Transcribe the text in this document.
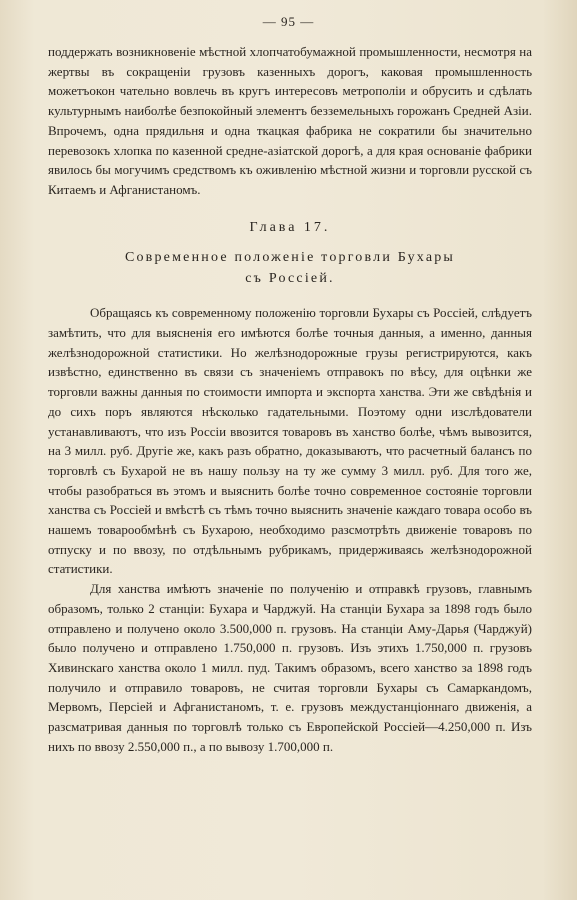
— 95 —

поддержать возникновеніе мѣстной хлопчатобумажной промышленности, несмотря на жертвы въ сокращеніи грузовъ казенныхъ дорогъ, каковая промышленность можетъокон чательно вовлечь въ кругъ интересовъ метрополіи и обрусить и сдѣлать культурнымъ наиболѣе безпокойный элементъ безземельныхъ горожанъ Средней Азіи. Впрочемъ, одна прядильня и одна ткацкая фабрика не сократили бы значительно перевозокъ хлопка по казенной средне-азіатской дорогѣ, а для края основаніе фабрики явилось бы могучимъ средствомъ къ оживленію мѣстной жизни и торговли русской съ Китаемъ и Афганистаномъ.

Глава 17.
Современное положеніе торговли Бухары
съ Россіей.

Обращаясь къ современному положенію торговли Бухары съ Россіей, слѣдуетъ замѣтить, что для выясненія его имѣются болѣе точныя данныя, а именно, данныя желѣзнодорожной статистики. Но желѣзнодорожные грузы регистрируются, какъ извѣстно, единственно въ связи съ значеніемъ отправокъ по вѣсу, для оцѣнки же торговли важны данныя по стоимости импорта и экспорта ханства. Эти же свѣдѣнія и до сихъ поръ являются нѣсколько гадательными. Поэтому одни изслѣдователи устанавливаютъ, что изъ Россіи ввозится товаровъ въ ханство болѣе, чѣмъ вывозится, на 3 милл. руб. Другіе же, какъ разъ обратно, доказываютъ, что расчетный балансъ по торговлѣ съ Бухарой не въ нашу пользу на ту же сумму 3 милл. руб. Для того же, чтобы разобраться въ этомъ и выяснить болѣе точно современное состояніе торговли ханства съ Россіей и вмѣстѣ съ тѣмъ точно выяснить значеніе каждаго товара особо въ нашемъ товарообмѣнѣ съ Бухарою, необходимо разсмотрѣть движеніе товаровъ по отпуску и по ввозу, по отдѣльнымъ рубрикамъ, придерживаясь желѣзнодорожной статистики.

Для ханства имѣютъ значеніе по полученію и отправкѣ грузовъ, главнымъ образомъ, только 2 станціи: Бухара и Чарджуй. На станціи Бухара за 1898 годъ было отправлено и получено около 3.500,000 п. грузовъ. На станціи Аму-Дарья (Чарджуй) было получено и отправлено 1.750,000 п. грузовъ. Изъ этихъ 1.750,000 п. грузовъ Хивинскаго ханства около 1 милл. пуд. Такимъ образомъ, всего ханство за 1898 годъ получило и отправило товаровъ, не считая торговли Бухары съ Самаркандомъ, Мервомъ, Персіей и Афганистаномъ, т. е. грузовъ междустанціоннаго движенія, а разсматривая данныя по торговлѣ только съ Европейской Россіей—4.250,000 п. Изъ нихъ по ввозу 2.550,000 п., а по вывозу 1.700,000 п.
